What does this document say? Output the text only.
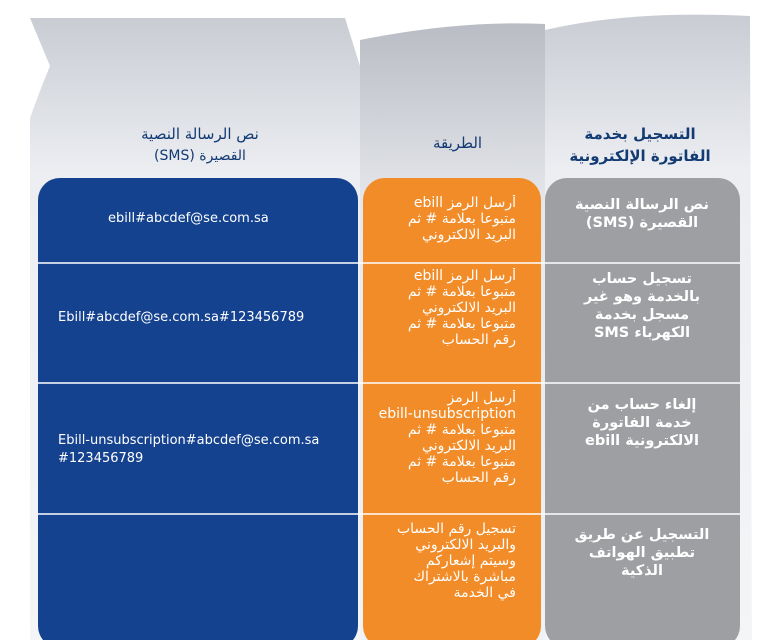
التسجيل بخدمة
الفاتورة الإلكترونية
الطريقة
نص الرسالة النصية
القصيرة (SMS)
نص الرسالة النصية
القصيرة (SMS)
أرسل الرمز ebill
متبوعا بعلامة # ثم
البريد الالكتروني
ebill#abcdef@se.com.sa
تسجيل حساب
بالخدمة وهو غير
مسجل بخدمة
الكهرباء SMS
أرسل الرمز ebill
متبوعا بعلامة # ثم
البريد الالكتروني
متبوعا بعلامة # ثم
رقم الحساب
Ebill#abcdef@se.com.sa#123456789
إلغاء حساب من
خدمة الفاتورة
الالكترونية ebill
أرسل الرمز
ebill-unsubscription
متبوعا بعلامة # ثم
البريد الالكتروني
متبوعا بعلامة # ثم
رقم الحساب
Ebill-unsubscription#abcdef@se.com.sa
#123456789
التسجيل عن طريق
تطبيق الهواتف
الذكية
تسجيل رقم الحساب
والبريد الالكتروني
وسيتم إشعاركم
مباشرة بالاشتراك
في الخدمة
